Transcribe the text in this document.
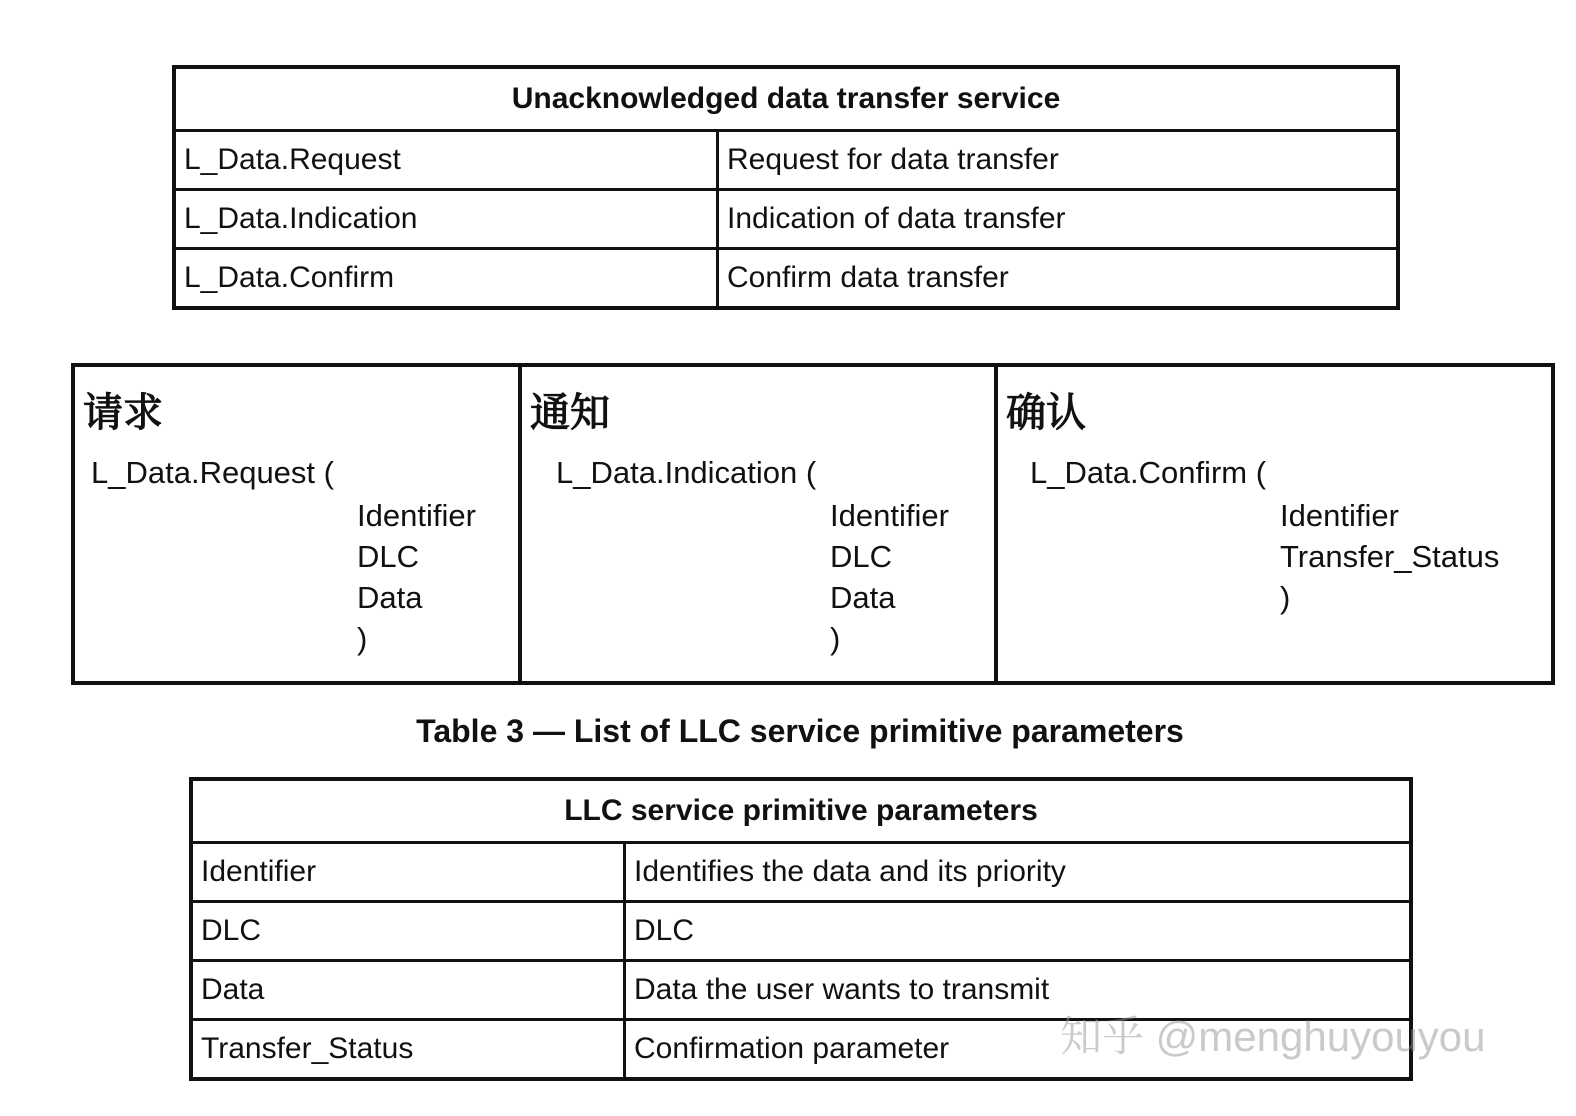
Unacknowledged data transfer service	
L_Data.Request	Request for data transfer
L_Data.Indication	Indication of data transfer
L_Data.Confirm	Confirm data transfer
请求
L_Data.Request (
Identifier
DLC
Data
)
通知
L_Data.Indication (
Identifier
DLC
Data
)
确认
L_Data.Confirm (
Identifier
Transfer_Status
)
Table 3 — List of LLC service primitive parameters
LLC service primitive parameters	
Identifier	Identifies the data and its priority
DLC	DLC
Data	Data the user wants to transmit
Transfer_Status	Confirmation parameter	知乎 @menghuyouyou
